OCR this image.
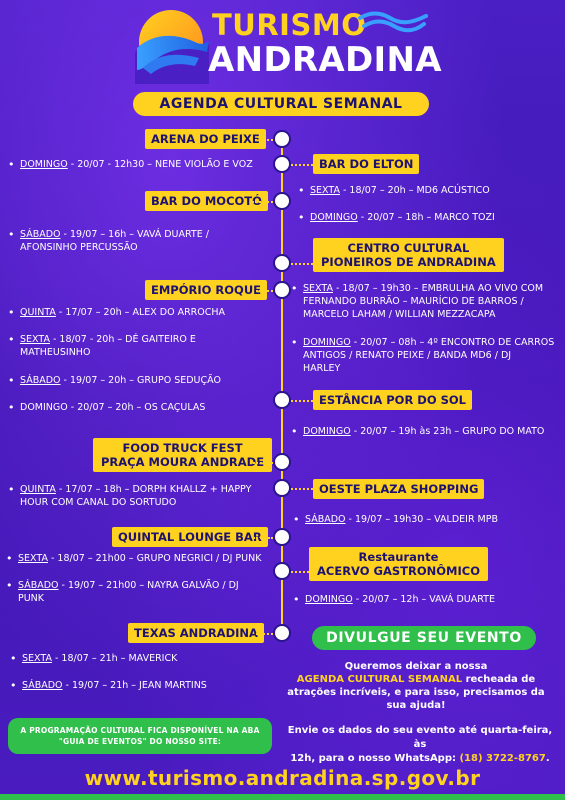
TURISMO
ANDRADINA
AGENDA CULTURAL SEMANAL
ARENA DO PEIXE
• DOMINGO - 20/07 - 12h30 – NENE VIOLÃO E VOZ	BAR DO ELTON
• SEXTA - 18/07 – 20h – MD6 ACÚSTICO
• DOMINGO - 20/07 – 18h – MARCO TOZI
BAR DO MOCOTÓ
• SÁBADO - 19/07 – 16h – VAVÁ DUARTE /
AFONSINHO PERCUSSÃO	CENTRO CULTURAL
PIONEIROS DE ANDRADINA
• SEXTA - 18/07 – 19h30 – EMBRULHA AO VIVO COM
FERNANDO BURRÃO – MAURÍCIO DE BARROS /
MARCELO LAHAM / WILLIAN MEZZACAPA
• DOMINGO - 20/07 – 08h – 4º ENCONTRO DE CARROS
ANTIGOS / RENATO PEIXE / BANDA MD6 / DJ
HARLEY
EMPÓRIO ROQUE
• QUINTA - 17/07 – 20h – ALEX DO ARROCHA
• SEXTA - 18/07 - 20h – DÉ GAITEIRO E
MATHEUSINHO
• SÁBADO - 19/07 – 20h – GRUPO SEDUÇÃO
• DOMINGO - 20/07 – 20h – OS CAÇULAS
ESTÂNCIA POR DO SOL
• DOMINGO - 20/07 – 19h às 23h – GRUPO DO MATO
FOOD TRUCK FEST
PRAÇA MOURA ANDRADE
• QUINTA - 17/07 – 18h – DORPH KHALLZ + HAPPY
HOUR COM CANAL DO SORTUDO
OESTE PLAZA SHOPPING
• SÁBADO - 19/07 – 19h30 – VALDEIR MPB
QUINTAL LOUNGE BAR
• SEXTA - 18/07 – 21h00 – GRUPO NEGRICI / DJ PUNK
• SÁBADO - 19/07 – 21h00 – NAYRA GALVÃO / DJ
PUNK
Restaurante
ACERVO GASTRONÔMICO
• DOMINGO - 20/07 – 12h – VAVÁ DUARTE
TEXAS ANDRADINA
• SEXTA - 18/07 – 21h – MAVERICK
• SÁBADO - 19/07 – 21h – JEAN MARTINS
DIVULGUE SEU EVENTO
Queremos deixar a nossa
AGENDA CULTURAL SEMANAL recheada de
atrações incríveis, e para isso, precisamos da
sua ajuda!
A PROGRAMAÇÃO CULTURAL FICA DISPONÍVEL NA ABA
"GUIA DE EVENTOS" DO NOSSO SITE:
Envie os dados do seu evento até quarta-feira, às
12h, para o nosso WhatsApp: (18) 3722-8767.
www.turismo.andradina.sp.gov.br
